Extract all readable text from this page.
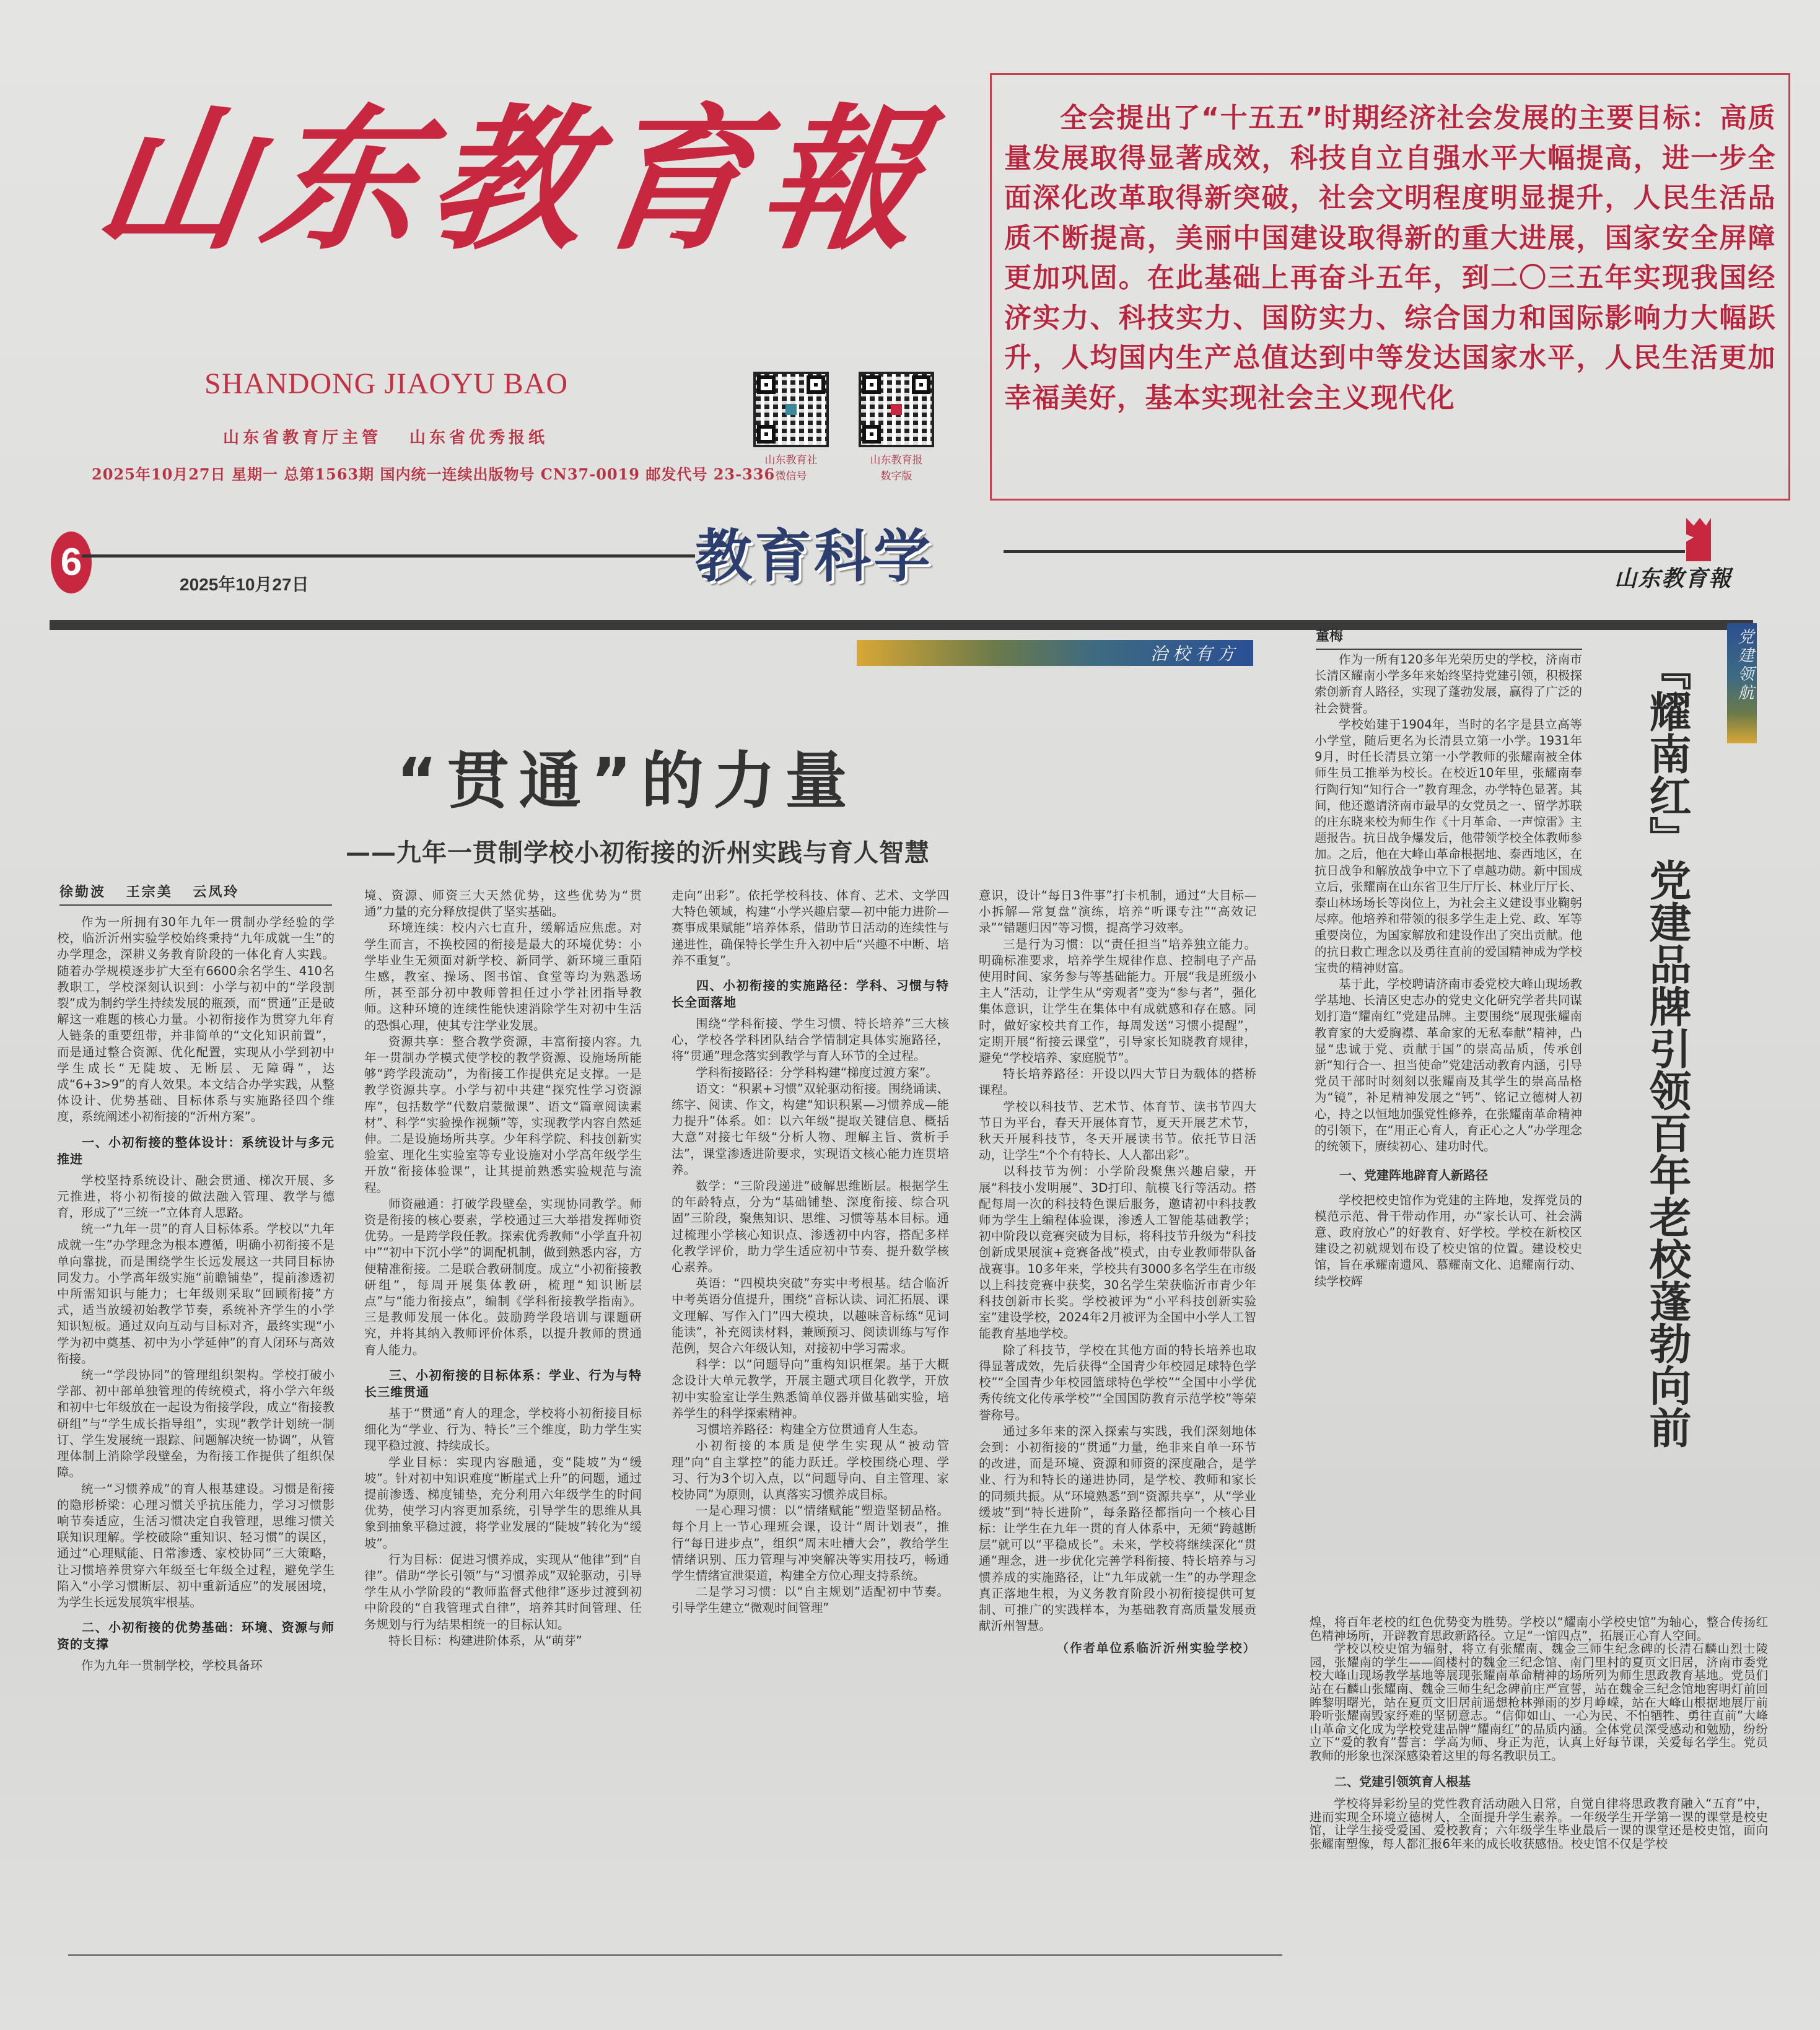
山东教育報
SHANDONG JIAOYU BAO
山东省教育厅主管 山东省优秀报纸
2025年10月27日 星期一 总第1563期 国内统一连续出版物号 CN37-0019 邮发代号 23-336
山东教育社
微信号
山东教育报
数字版

全会提出了“十五五”时期经济社会发展的主要目标：高质量发展取得显著成效，科技自立自强水平大幅提高，进一步全面深化改革取得新突破，社会文明程度明显提升，人民生活品质不断提高，美丽中国建设取得新的重大进展，国家安全屏障更加巩固。在此基础上再奋斗五年，到二〇三五年实现我国经济实力、科技实力、国防实力、综合国力和国际影响力大幅跃升，人均国内生产总值达到中等发达国家水平，人民生活更加幸福美好，基本实现社会主义现代化

6	教育科学
2025年10月27日	山东教育報
治校有方
“贯通”的力量
——九年一贯制学校小初衔接的沂州实践与育人智慧
徐勤波 王宗美 云凤玲

作为一所拥有30年九年一贯制办学经验的学校，临沂沂州实验学校始终秉持“九年成就一生”的办学理念，深耕义务教育阶段的一体化育人实践。随着办学规模逐步扩大至有6600余名学生、410名教职工，学校深刻认识到：小学与初中的“学段割裂”成为制约学生持续发展的瓶颈，而“贯通”正是破解这一难题的核心力量。小初衔接作为贯穿九年育人链条的重要纽带，并非简单的“文化知识前置”，而是通过整合资源、优化配置，实现从小学到初中学生成长“无陡坡、无断层、无障碍”，达成“6+3>9”的育人效果。本文结合办学实践，从整体设计、优势基础、目标体系与实施路径四个维度，系统阐述小初衔接的“沂州方案”。

一、小初衔接的整体设计：系统设计与多元推进

学校坚持系统设计、融会贯通、梯次开展、多元推进，将小初衔接的做法融入管理、教学与德育，形成了“三统一”立体育人思路。

统一“九年一贯”的育人目标体系。学校以“九年成就一生”办学理念为根本遵循，明确小初衔接不是单向靠拢，而是围绕学生长远发展这一共同目标协同发力。小学高年级实施“前瞻铺垫”，提前渗透初中所需知识与能力；七年级则采取“回顾衔接”方式，适当放缓初始教学节奏，系统补齐学生的小学知识短板。通过双向互动与目标对齐，最终实现“小学为初中奠基、初中为小学延伸”的育人闭环与高效衔接。

统一“学段协同”的管理组织架构。学校打破小学部、初中部单独管理的传统模式，将小学六年级和初中七年级放在一起设为衔接学段，成立“衔接教研组”与“学生成长指导组”，实现“教学计划统一制订、学生发展统一跟踪、问题解决统一协调”，从管理体制上消除学段壁垒，为衔接工作提供了组织保障。

统一“习惯养成”的育人根基建设。习惯是衔接的隐形桥梁：心理习惯关乎抗压能力，学习习惯影响节奏适应，生活习惯决定自我管理，思维习惯关联知识理解。学校破除“重知识、轻习惯”的误区，通过“心理赋能、日常渗透、家校协同”三大策略，让习惯培养贯穿六年级至七年级全过程，避免学生陷入“小学习惯断层、初中重新适应”的发展困境，为学生长远发展筑牢根基。

二、小初衔接的优势基础：环境、资源与师资的支撑

作为九年一贯制学校，学校具备环

境、资源、师资三大天然优势，这些优势为“贯通”力量的充分释放提供了坚实基础。

环境连续：校内六七直升，缓解适应焦虑。对学生而言，不换校园的衔接是最大的环境优势：小学毕业生无须面对新学校、新同学、新环境三重陌生感，教室、操场、图书馆、食堂等均为熟悉场所，甚至部分初中教师曾担任过小学社团指导教师。这种环境的连续性能快速消除学生对初中生活的恐惧心理，使其专注学业发展。

资源共享：整合教学资源，丰富衔接内容。九年一贯制办学模式使学校的教学资源、设施场所能够“跨学段流动”，为衔接工作提供充足支撑。一是教学资源共享。小学与初中共建“探究性学习资源库”，包括数学“代数启蒙微课”、语文“篇章阅读素材”、科学“实验操作视频”等，实现教学内容自然延伸。二是设施场所共享。少年科学院、科技创新实验室、理化生实验室等专业设施对小学高年级学生开放“衔接体验课”，让其提前熟悉实验规范与流程。

师资融通：打破学段壁垒，实现协同教学。师资是衔接的核心要素，学校通过三大举措发挥师资优势。一是跨学段任教。探索优秀教师“小学直升初中”“初中下沉小学”的调配机制，做到熟悉内容，方便精准衔接。二是联合教研制度。成立“小初衔接教研组”，每周开展集体教研，梳理“知识断层点”与“能力衔接点”，编制《学科衔接教学指南》。三是教师发展一体化。鼓励跨学段培训与课题研究，并将其纳入教师评价体系，以提升教师的贯通育人能力。

三、小初衔接的目标体系：学业、行为与特长三维贯通

基于“贯通”育人的理念，学校将小初衔接目标细化为“学业、行为、特长”三个维度，助力学生实现平稳过渡、持续成长。

学业目标：实现内容融通，变“陡坡”为“缓坡”。针对初中知识难度“断崖式上升”的问题，通过提前渗透、梯度铺垫，充分利用六年级学生的时间优势，使学习内容更加系统，引导学生的思维从具象到抽象平稳过渡，将学业发展的“陡坡”转化为“缓坡”。

行为目标：促进习惯养成，实现从“他律”到“自律”。借助“学长引领”与“习惯养成”双轮驱动，引导学生从小学阶段的“教师监督式他律”逐步过渡到初中阶段的“自我管理式自律”，培养其时间管理、任务规划与行为结果相统一的目标认知。

特长目标：构建进阶体系，从“萌芽”

走向“出彩”。依托学校科技、体育、艺术、文学四大特色领域，构建“小学兴趣启蒙—初中能力进阶—赛事成果赋能”培养体系，借助节日活动的连续性与递进性，确保特长学生升入初中后“兴趣不中断、培养不重复”。

四、小初衔接的实施路径：学科、习惯与特长全面落地

围绕“学科衔接、学生习惯、特长培养”三大核心，学校各学科团队结合学情制定具体实施路径，将“贯通”理念落实到教学与育人环节的全过程。

学科衔接路径：分学科构建“梯度过渡方案”。

语文：“积累+习惯”双轮驱动衔接。围绕诵读、练字、阅读、作文，构建“知识积累—习惯养成—能力提升”体系。如：以六年级“提取关键信息、概括大意”对接七年级“分析人物、理解主旨、赏析手法”，课堂渗透进阶要求，实现语文核心能力连贯培养。

数学：“三阶段递进”破解思维断层。根据学生的年龄特点，分为“基础铺垫、深度衔接、综合巩固”三阶段，聚焦知识、思维、习惯等基本目标。通过梳理小学核心知识点、渗透初中内容，搭配多样化教学评价，助力学生适应初中节奏、提升数学核心素养。

英语：“四模块突破”夯实中考根基。结合临沂中考英语分值提升，围绕“音标认读、词汇拓展、课文理解、写作入门”四大模块，以趣味音标练“见词能读”，补充阅读材料，兼顾预习、阅读训练与写作范例，契合六年级认知，对接初中学习需求。

科学：以“问题导向”重构知识框架。基于大概念设计大单元教学，开展主题式项目化教学，开放初中实验室让学生熟悉简单仪器并做基础实验，培养学生的科学探索精神。

习惯培养路径：构建全方位贯通育人生态。

小初衔接的本质是使学生实现从“被动管理”向“自主掌控”的能力跃迁。学校围绕心理、学习、行为3个切入点，以“问题导向、自主管理、家校协同”为原则，认真落实习惯养成目标。

一是心理习惯：以“情绪赋能”塑造坚韧品格。每个月上一节心理班会课，设计“周计划表”，推行“每日进步点”，组织“周末吐槽大会”，教给学生情绪识别、压力管理与冲突解决等实用技巧，畅通学生情绪宣泄渠道，构建全方位心理支持系统。

二是学习习惯：以“自主规划”适配初中节奏。引导学生建立“微观时间管理”

意识，设计“每日3件事”打卡机制，通过“大目标—小拆解—常复盘”演练，培养“听课专注”“高效记录”“错题归因”等习惯，提高学习效率。

三是行为习惯：以“责任担当”培养独立能力。明确标准要求，培养学生规律作息、控制电子产品使用时间、家务参与等基础能力。开展“我是班级小主人”活动，让学生从“旁观者”变为“参与者”，强化集体意识，让学生在集体中有成就感和存在感。同时，做好家校共育工作，每周发送“习惯小提醒”，定期开展“衔接云课堂”，引导家长知晓教育规律，避免“学校培养、家庭脱节”。

特长培养路径：开设以四大节日为载体的搭桥课程。

学校以科技节、艺术节、体育节、读书节四大节日为平台，春天开展体育节，夏天开展艺术节，秋天开展科技节，冬天开展读书节。依托节日活动，让学生“个个有特长、人人都出彩”。

以科技节为例：小学阶段聚焦兴趣启蒙，开展“科技小发明展”、3D打印、航模飞行等活动。搭配每周一次的科技特色课后服务，邀请初中科技教师为学生上编程体验课，渗透人工智能基础教学；初中阶段以竞赛突破为目标，将科技节升级为“科技创新成果展演+竞赛备战”模式，由专业教师带队备战赛事。10多年来，学校共有3000多名学生在市级以上科技竞赛中获奖，30名学生荣获临沂市青少年科技创新市长奖。学校被评为“小平科技创新实验室”建设学校，2024年2月被评为全国中小学人工智能教育基地学校。

除了科技节，学校在其他方面的特长培养也取得显著成效，先后获得“全国青少年校园足球特色学校”“全国青少年校园篮球特色学校”“全国中小学优秀传统文化传承学校”“全国国防教育示范学校”等荣誉称号。

通过多年来的深入探索与实践，我们深刻地体会到：小初衔接的“贯通”力量，绝非来自单一环节的改进，而是环境、资源和师资的深度融合，是学业、行为和特长的递进协同，是学校、教师和家长的同频共振。从“环境熟悉”到“资源共享”，从“学业缓坡”到“特长进阶”，每条路径都指向一个核心目标：让学生在九年一贯的育人体系中，无须“跨越断层”就可以“平稳成长”。未来，学校将继续深化“贯通”理念，进一步优化完善学科衔接、特长培养与习惯养成的实施路径，让“九年成就一生”的办学理念真正落地生根，为义务教育阶段小初衔接提供可复制、可推广的实践样本，为基础教育高质量发展贡献沂州智慧。

（作者单位系临沂沂州实验学校）

党建领航
『耀南红』党建品牌引领百年老校蓬勃向前
董梅

作为一所有120多年光荣历史的学校，济南市长清区耀南小学多年来始终坚持党建引领，积极探索创新育人路径，实现了蓬勃发展，赢得了广泛的社会赞誉。

学校始建于1904年，当时的名字是县立高等小学堂，随后更名为长清县立第一小学。1931年9月，时任长清县立第一小学教师的张耀南被全体师生员工推举为校长。在校近10年里，张耀南奉行陶行知“知行合一”教育理念，办学特色显著。其间，他还邀请济南市最早的女党员之一、留学苏联的庄东晓来校为师生作《十月革命、一声惊雷》主题报告。抗日战争爆发后，他带领学校全体教师参加。之后，他在大峰山革命根据地、泰西地区，在抗日战争和解放战争中立下了卓越功勋。新中国成立后，张耀南在山东省卫生厅厅长、林业厅厅长、泰山林场场长等岗位上，为社会主义建设事业鞠躬尽瘁。他培养和带领的很多学生走上党、政、军等重要岗位，为国家解放和建设作出了突出贡献。他的抗日救亡理念以及勇往直前的爱国精神成为学校宝贵的精神财富。

基于此，学校聘请济南市委党校大峰山现场教学基地、长清区史志办的党史文化研究学者共同谋划打造“耀南红”党建品牌。主要围绕“展现张耀南教育家的大爱胸襟、革命家的无私奉献”精神，凸显“忠诚于党、贡献于国”的崇高品质，传承创新“知行合一、担当使命”党建活动教育内涵，引导党员干部时时刻刻以张耀南及其学生的崇高品格为“镜”，补足精神发展之“钙”、铭记立德树人初心，持之以恒地加强党性修养，在张耀南革命精神的引领下，在“用正心育人，育正心之人”办学理念的统领下，赓续初心、建功时代。

一、党建阵地辟育人新路径

学校把校史馆作为党建的主阵地，发挥党员的模范示范、骨干带动作用，办“家长认可、社会满意、政府放心”的好教育、好学校。学校在新校区建设之初就规划布设了校史馆的位置。建设校史馆，旨在承耀南遗风、慕耀南文化、追耀南行动、续学校辉

煌，将百年老校的红色优势变为胜势。学校以“耀南小学校史馆”为轴心，整合传扬红色精神场所，开辟教育思政新路径。立足“一馆四点”，拓展正心育人空间。

学校以校史馆为辐射，将立有张耀南、魏金三师生纪念碑的长清石麟山烈士陵园，张耀南的学生——阎楼村的魏金三纪念馆、南门里村的夏页文旧居，济南市委党校大峰山现场教学基地等展现张耀南革命精神的场所列为师生思政教育基地。党员们站在石麟山张耀南、魏金三师生纪念碑前庄严宣誓，站在魏金三纪念馆地窖明灯前回眸黎明曙光，站在夏页文旧居前遥想枪林弹雨的岁月峥嵘，站在大峰山根据地展厅前聆听张耀南毁家纾难的坚韧意志。“信仰如山、一心为民、不怕牺牲、勇往直前”大峰山革命文化成为学校党建品牌“耀南红”的品质内涵。全体党员深受感动和勉励，纷纷立下“爱的教育”誓言：学高为师、身正为范，认真上好每节课，关爱每名学生。党员教师的形象也深深感染着这里的每名教职员工。

二、党建引领筑育人根基

学校将异彩纷呈的党性教育活动融入日常，自觉自律将思政教育融入“五育”中，进而实现全环境立德树人，全面提升学生素养。一年级学生开学第一课的课堂是校史馆，让学生接受爱国、爱校教育；六年级学生毕业最后一课的课堂还是校史馆，面向张耀南塑像，每人都汇报6年来的成长收获感悟。校史馆不仅是学校
